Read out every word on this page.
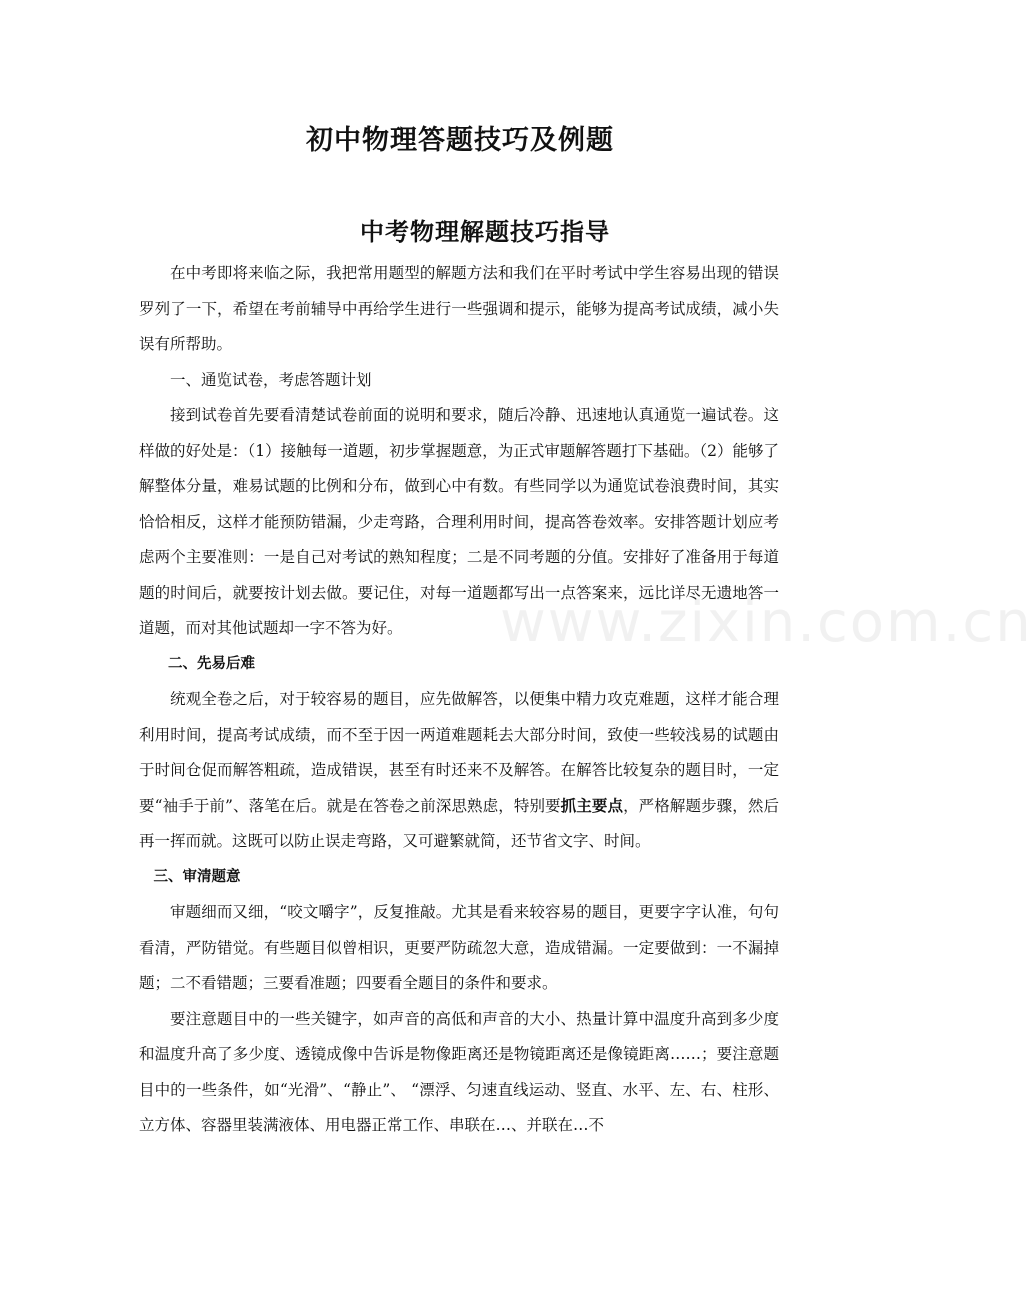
初中物理答题技巧及例题
中考物理解题技巧指导

在中考即将来临之际，我把常用题型的解题方法和我们在平时考试中学生容易出现的错误罗列了一下，希望在考前辅导中再给学生进行一些强调和提示，能够为提高考试成绩，减小失误有所帮助。

一、通览试卷，考虑答题计划

接到试卷首先要看清楚试卷前面的说明和要求，随后冷静、迅速地认真通览一遍试卷。这样做的好处是：（1）接触每一道题，初步掌握题意，为正式审题解答题打下基础。（2）能够了解整体分量，难易试题的比例和分布，做到心中有数。有些同学以为通览试卷浪费时间，其实恰恰相反，这样才能预防错漏，少走弯路，合理利用时间，提高答卷效率。安排答题计划应考虑两个主要准则：一是自己对考试的熟知程度；二是不同考题的分值。安排好了准备用于每道题的时间后，就要按计划去做。要记住，对每一道题都写出一点答案来，远比详尽无遗地答一道题，而对其他试题却一字不答为好。

二、先易后难

统观全卷之后，对于较容易的题目，应先做解答，以便集中精力攻克难题，这样才能合理利用时间，提高考试成绩，而不至于因一两道难题耗去大部分时间，致使一些较浅易的试题由于时间仓促而解答粗疏，造成错误，甚至有时还来不及解答。在解答比较复杂的题目时，一定要“袖手于前”、落笔在后。就是在答卷之前深思熟虑，特别要抓主要点，严格解题步骤，然后再一挥而就。这既可以防止误走弯路，又可避繁就简，还节省文字、时间。

三、审清题意

审题细而又细，“咬文嚼字”，反复推敲。尤其是看来较容易的题目，更要字字认准，句句看清，严防错觉。有些题目似曾相识，更要严防疏忽大意，造成错漏。一定要做到：一不漏掉题；二不看错题；三要看准题；四要看全题目的条件和要求。

要注意题目中的一些关键字，如声音的高低和声音的大小、热量计算中温度升高到多少度和温度升高了多少度、透镜成像中告诉是物像距离还是物镜距离还是像镜距离……；要注意题目中的一些条件，如“光滑”、“静止”、 “漂浮、匀速直线运动、竖直、水平、左、右、柱形、立方体、容器里装满液体、用电器正常工作、串联在…、并联在…不

www.zixin.com.cn
